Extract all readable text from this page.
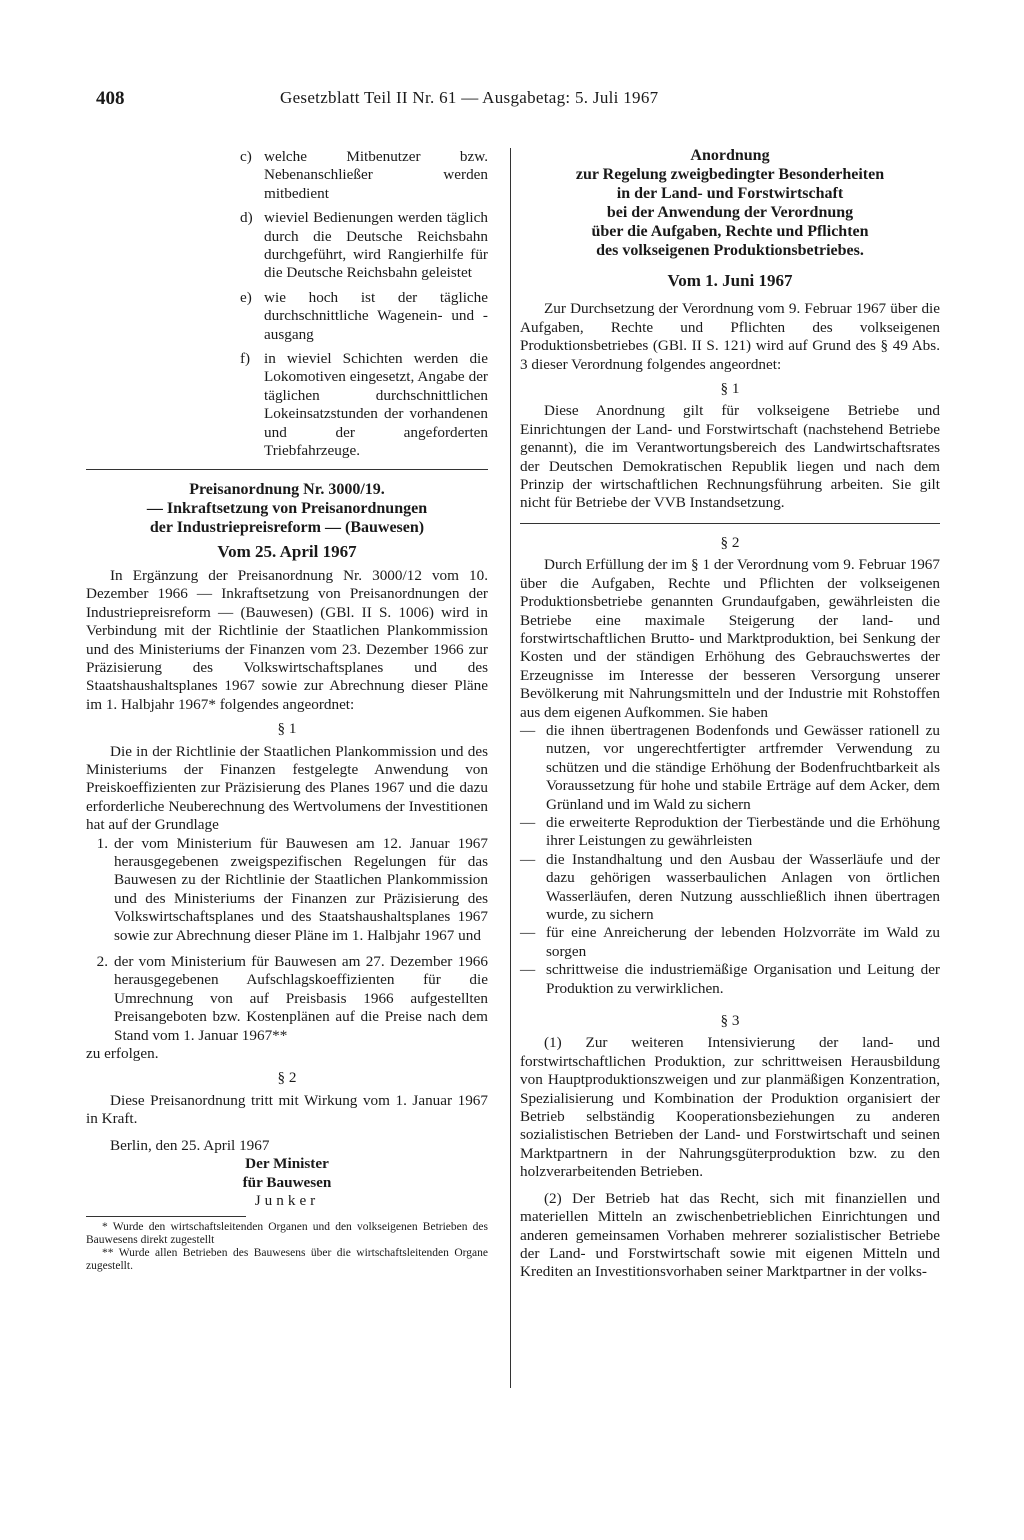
408	Gesetzblatt Teil II Nr. 61 — Ausgabetag: 5. Juli 1967
c) welche Mitbenutzer bzw. Nebenanschließer werden mitbedient
d) wieviel Bedienungen werden täglich durch die Deutsche Reichsbahn durchgeführt, wird Rangierhilfe für die Deutsche Reichsbahn geleistet
e) wie hoch ist der tägliche durchschnittliche Wagenein- und -ausgang
f) in wieviel Schichten werden die Lokomotiven eingesetzt, Angabe der täglichen durchschnittlichen Lokeinsatzstunden der vorhandenen und der angeforderten Triebfahrzeuge.
Preisanordnung Nr. 3000/19.
— Inkraftsetzung von Preisanordnungen
der Industriepreisreform — (Bauwesen)
Vom 25. April 1967

In Ergänzung der Preisanordnung Nr. 3000/12 vom 10. Dezember 1966 — Inkraftsetzung von Preisanordnungen der Industriepreisreform — (Bauwesen) (GBl. II S. 1006) wird in Verbindung mit der Richtlinie der Staatlichen Plankommission und des Ministeriums der Finanzen vom 23. Dezember 1966 zur Präzisierung des Volkswirtschaftsplanes und des Staatshaushaltsplanes 1967 sowie zur Abrechnung dieser Pläne im 1. Halbjahr 1967* folgendes angeordnet:

§ 1

Die in der Richtlinie der Staatlichen Plankommission und des Ministeriums der Finanzen festgelegte Anwendung von Preiskoeffizienten zur Präzisierung des Planes 1967 und die dazu erforderliche Neuberechnung des Wertvolumens der Investitionen hat auf der Grundlage

1. der vom Ministerium für Bauwesen am 12. Januar 1967 herausgegebenen zweigspezifischen Regelungen für das Bauwesen zu der Richtlinie der Staatlichen Plankommission und des Ministeriums der Finanzen zur Präzisierung des Volkswirtschaftsplanes und des Staatshaushaltsplanes 1967 sowie zur Abrechnung dieser Pläne im 1. Halbjahr 1967 und
2. der vom Ministerium für Bauwesen am 27. Dezember 1966 herausgegebenen Aufschlagskoeffizienten für die Umrechnung von auf Preisbasis 1966 aufgestellten Preisangeboten bzw. Kostenplänen auf die Preise nach dem Stand vom 1. Januar 1967**

zu erfolgen.

§ 2

Diese Preisanordnung tritt mit Wirkung vom 1. Januar 1967 in Kraft.

Berlin, den 25. April 1967

Der Minister
für Bauwesen
Junker
* Wurde den wirtschaftsleitenden Organen und den volkseigenen Betrieben des Bauwesens direkt zugestellt
** Wurde allen Betrieben des Bauwesens über die wirtschaftsleitenden Organe zugestellt.
Anordnung
zur Regelung zweigbedingter Besonderheiten
in der Land- und Forstwirtschaft
bei der Anwendung der Verordnung
über die Aufgaben, Rechte und Pflichten
des volkseigenen Produktionsbetriebes.
Vom 1. Juni 1967

Zur Durchsetzung der Verordnung vom 9. Februar 1967 über die Aufgaben, Rechte und Pflichten des volkseigenen Produktionsbetriebes (GBl. II S. 121) wird auf Grund des § 49 Abs. 3 dieser Verordnung folgendes angeordnet:

§ 1

Diese Anordnung gilt für volkseigene Betriebe und Einrichtungen der Land- und Forstwirtschaft (nachstehend Betriebe genannt), die im Verantwortungsbereich des Landwirtschaftsrates der Deutschen Demokratischen Republik liegen und nach dem Prinzip der wirtschaftlichen Rechnungsführung arbeiten. Sie gilt nicht für Betriebe der VVB Instandsetzung.

§ 2

Durch Erfüllung der im § 1 der Verordnung vom 9. Februar 1967 über die Aufgaben, Rechte und Pflichten der volkseigenen Produktionsbetriebe genannten Grundaufgaben, gewährleisten die Betriebe eine maximale Steigerung der land- und forstwirtschaftlichen Brutto- und Marktproduktion, bei Senkung der Kosten und der ständigen Erhöhung des Gebrauchswertes der Erzeugnisse im Interesse der besseren Versorgung unserer Bevölkerung mit Nahrungsmitteln und der Industrie mit Rohstoffen aus dem eigenen Aufkommen. Sie haben

— die ihnen übertragenen Bodenfonds und Gewässer rationell zu nutzen, vor ungerechtfertigter artfremder Verwendung zu schützen und die ständige Erhöhung der Bodenfruchtbarkeit als Voraussetzung für hohe und stabile Erträge auf dem Acker, dem Grünland und im Wald zu sichern
— die erweiterte Reproduktion der Tierbestände und die Erhöhung ihrer Leistungen zu gewährleisten
— die Instandhaltung und den Ausbau der Wasserläufe und der dazu gehörigen wasserbaulichen Anlagen von örtlichen Wasserläufen, deren Nutzung ausschließlich ihnen übertragen wurde, zu sichern
— für eine Anreicherung der lebenden Holzvorräte im Wald zu sorgen
— schrittweise die industriemäßige Organisation und Leitung der Produktion zu verwirklichen.
§ 3

(1) Zur weiteren Intensivierung der land- und forstwirtschaftlichen Produktion, zur schrittweisen Herausbildung von Hauptproduktionszweigen und zur planmäßigen Konzentration, Spezialisierung und Kombination der Produktion organisiert der Betrieb selbständig Kooperationsbeziehungen zu anderen sozialistischen Betrieben der Land- und Forstwirtschaft und seinen Marktpartnern in der Nahrungsgüterproduktion bzw. zu den holzverarbeitenden Betrieben.

(2) Der Betrieb hat das Recht, sich mit finanziellen und materiellen Mitteln an zwischenbetrieblichen Einrichtungen und anderen gemeinsamen Vorhaben mehrerer sozialistischer Betriebe der Land- und Forstwirtschaft sowie mit eigenen Mitteln und Krediten an Investitionsvorhaben seiner Marktpartner in der volks-
